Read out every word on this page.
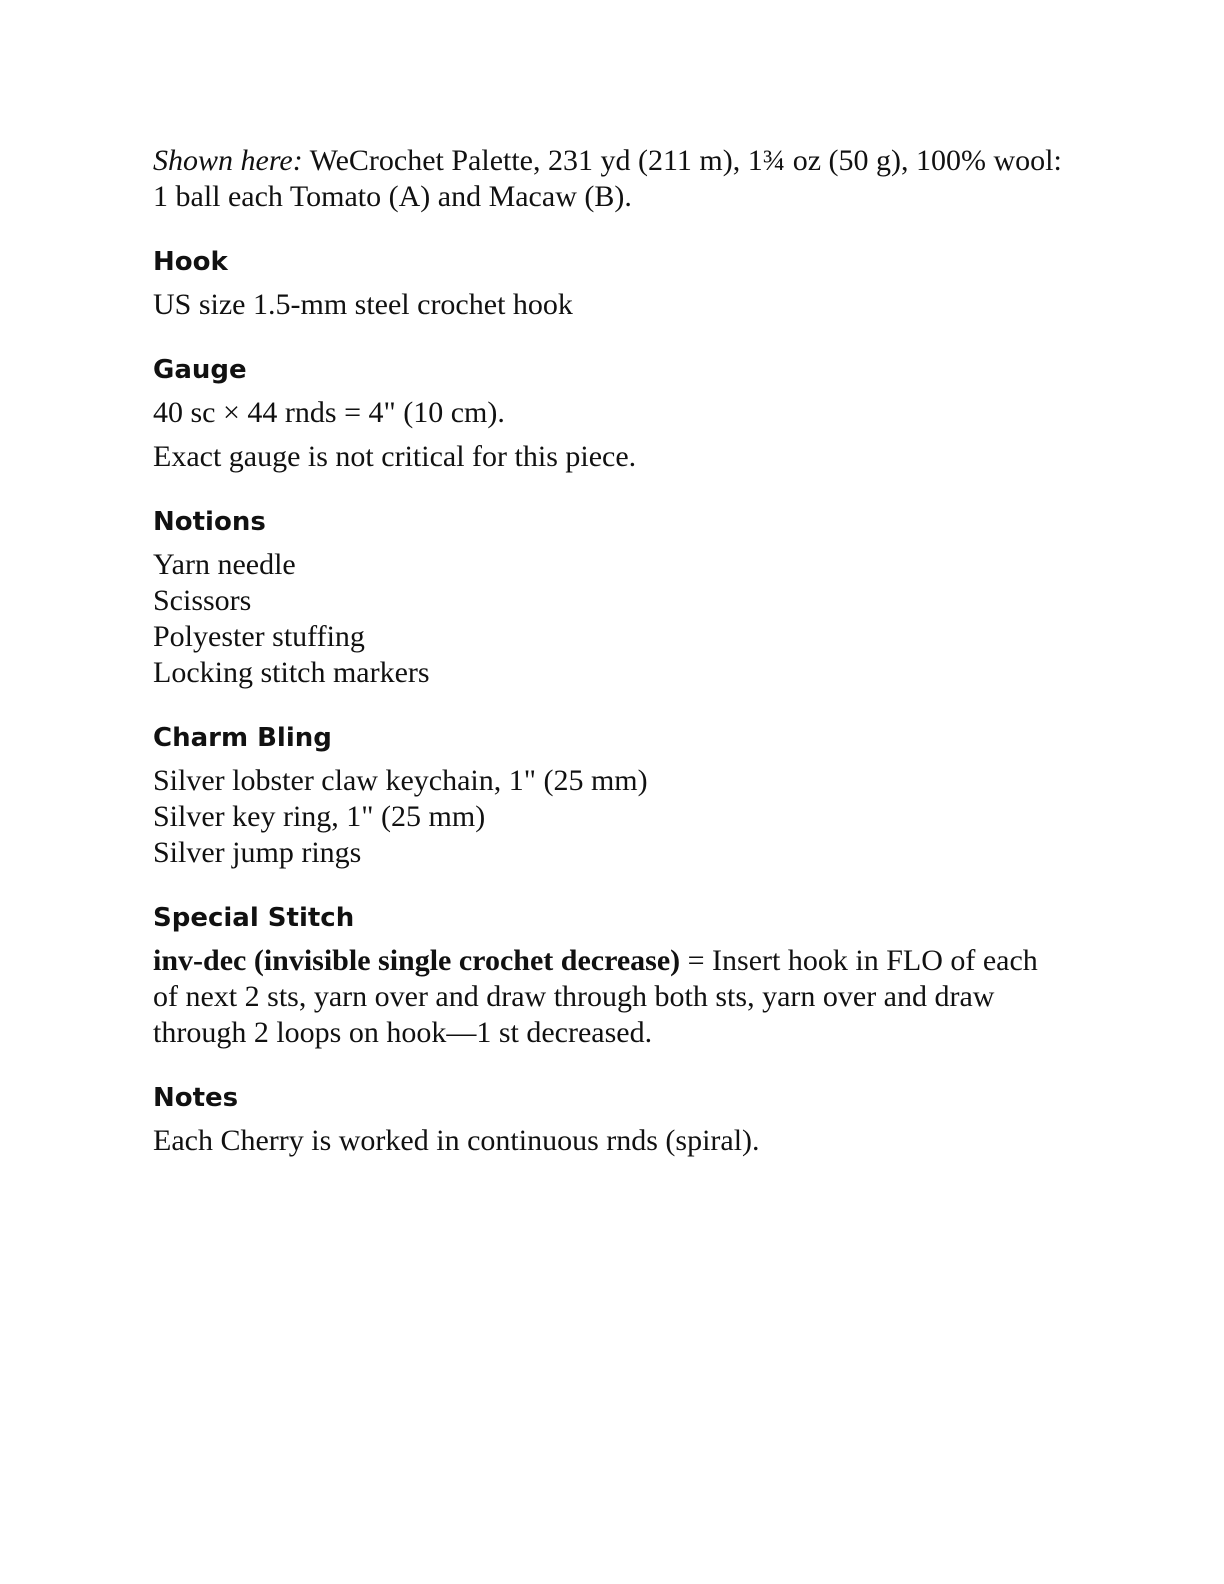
Shown here: WeCrochet Palette, 231 yd (211 m), 1¾ oz (50 g), 100% wool:
1 ball each Tomato (A) and Macaw (B).

Hook
US size 1.5-mm steel crochet hook
Gauge
40 sc × 44 rnds = 4" (10 cm).
Exact gauge is not critical for this piece.
Notions
Yarn needle
Scissors
Polyester stuffing
Locking stitch markers
Charm Bling
Silver lobster claw keychain, 1" (25 mm)
Silver key ring, 1" (25 mm)
Silver jump rings
Special Stitch
inv-dec (invisible single crochet decrease) = Insert hook in FLO of each
of next 2 sts, yarn over and draw through both sts, yarn over and draw
through 2 loops on hook—1 st decreased.
Notes
Each Cherry is worked in continuous rnds (spiral).
